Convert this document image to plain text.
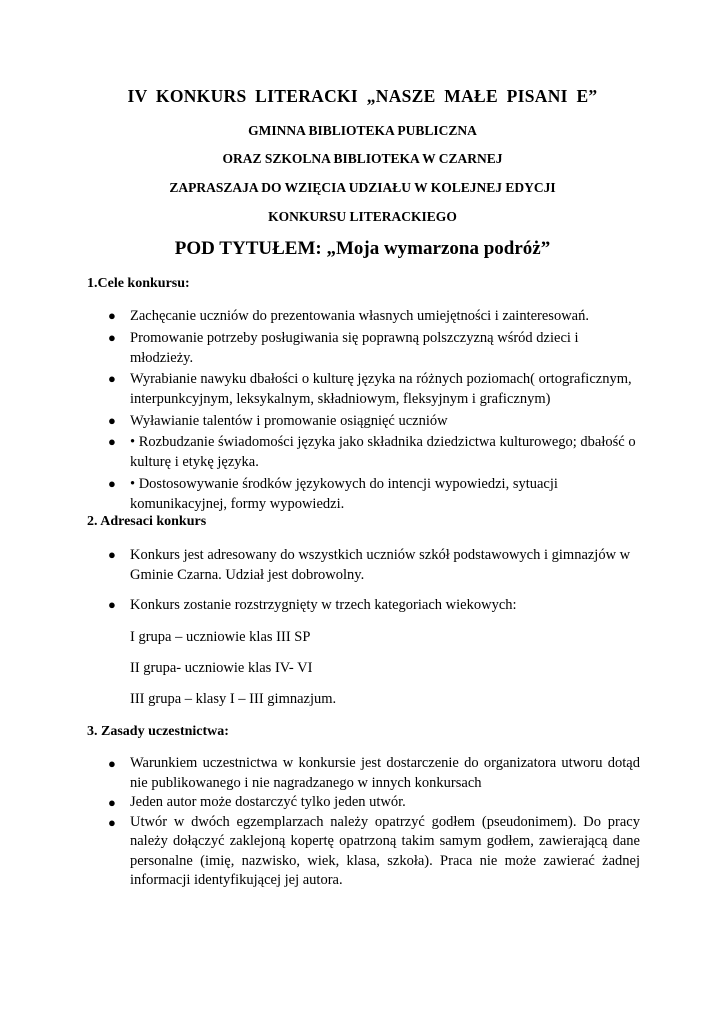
IV KONKURS LITERACKI „NASZE MAŁE PISANI E”
GMINNA BIBLIOTEKA PUBLICZNA
ORAZ SZKOLNA BIBLIOTEKA W CZARNEJ
ZAPRASZAJA DO WZIĘCIA UDZIAŁU W KOLEJNEJ EDYCJI
KONKURSU LITERACKIEGO
POD TYTUŁEM: „Moja wymarzona podróż”
1.Cele konkursu:
● Zachęcanie uczniów do prezentowania własnych umiejętności i zainteresowań.
● Promowanie potrzeby posługiwania się poprawną polszczyzną wśród dzieci i młodzieży.
● Wyrabianie nawyku dbałości o kulturę języka na różnych poziomach( ortograficznym, interpunkcyjnym, leksykalnym, składniowym, fleksyjnym i graficznym)
● Wyławianie talentów i promowanie osiągnięć uczniów
● • Rozbudzanie świadomości języka jako składnika dziedzictwa kulturowego; dbałość o kulturę i etykę języka.
● • Dostosowywanie środków językowych do intencji wypowiedzi, sytuacji komunikacyjnej, formy wypowiedzi.
2. Adresaci konkurs
● Konkurs jest adresowany do wszystkich uczniów szkół podstawowych i gimnazjów w Gminie Czarna. Udział jest dobrowolny.
● Konkurs zostanie rozstrzygnięty w trzech kategoriach wiekowych:
I grupa – uczniowie klas III SP
II grupa- uczniowie klas IV- VI
III grupa – klasy I – III gimnazjum.
3. Zasady uczestnictwa:
● Warunkiem uczestnictwa w konkursie jest dostarczenie do organizatora utworu dotąd nie publikowanego i nie nagradzanego w innych konkursach
● Jeden autor może dostarczyć tylko jeden utwór.
● Utwór w dwóch egzemplarzach należy opatrzyć godłem (pseudonimem). Do pracy należy dołączyć zaklejoną kopertę opatrzoną takim samym godłem, zawierającą dane personalne (imię, nazwisko, wiek, klasa, szkoła). Praca nie może zawierać żadnej informacji identyfikującej jej autora.
